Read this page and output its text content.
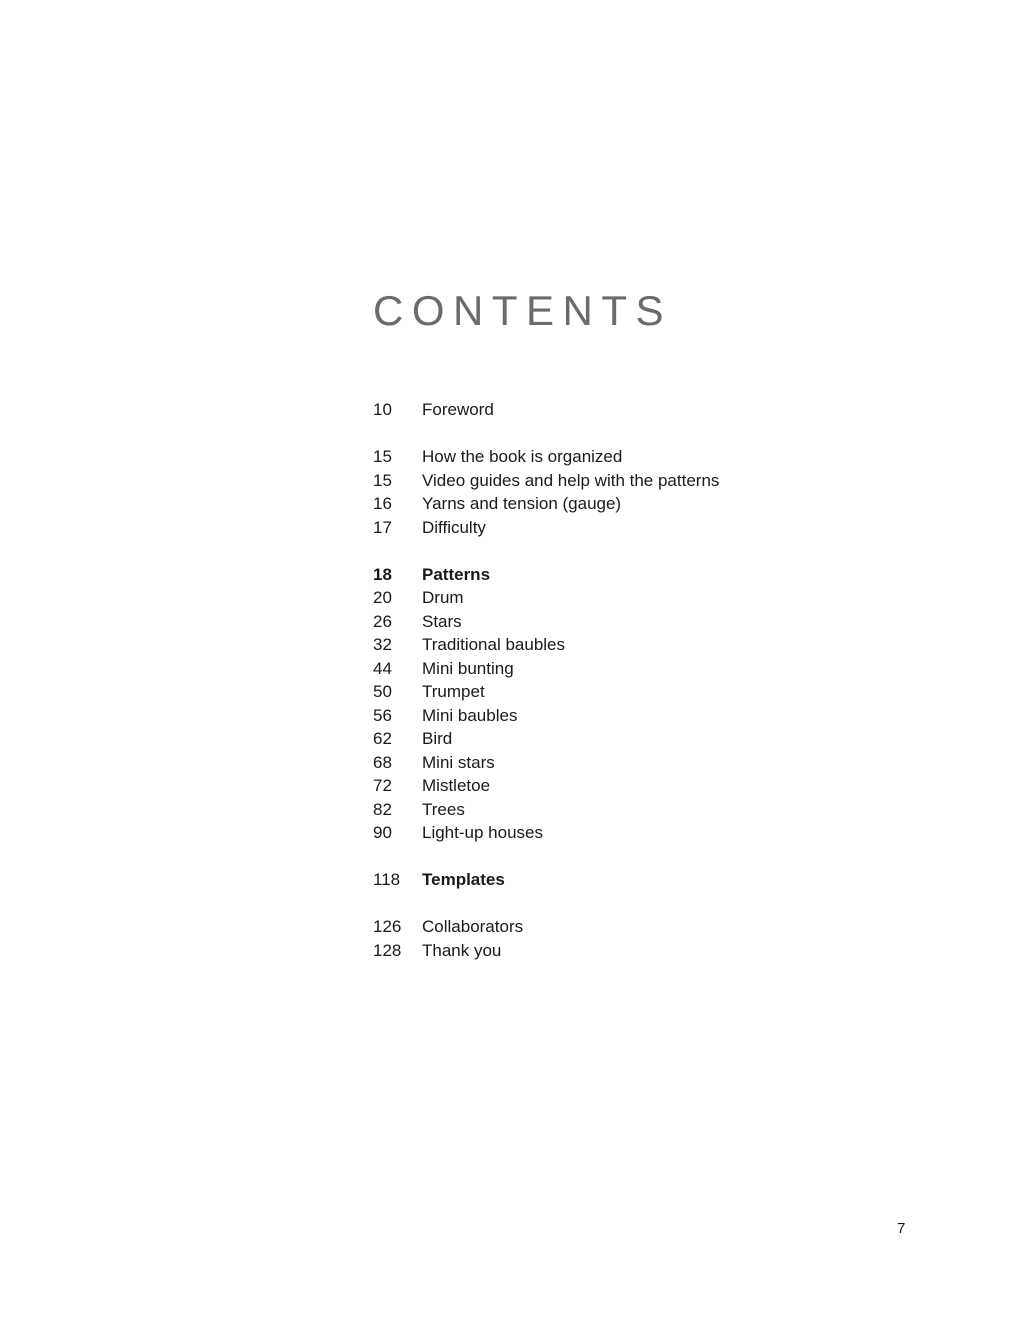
CONTENTS
10 Foreword
15 How the book is organized
15 Video guides and help with the patterns
16 Yarns and tension (gauge)
17 Difficulty
18 Patterns
20 Drum
26 Stars
32 Traditional baubles
44 Mini bunting
50 Trumpet
56 Mini baubles
62 Bird
68 Mini stars
72 Mistletoe
82 Trees
90 Light-up houses
118 Templates
126 Collaborators
128 Thank you
7
